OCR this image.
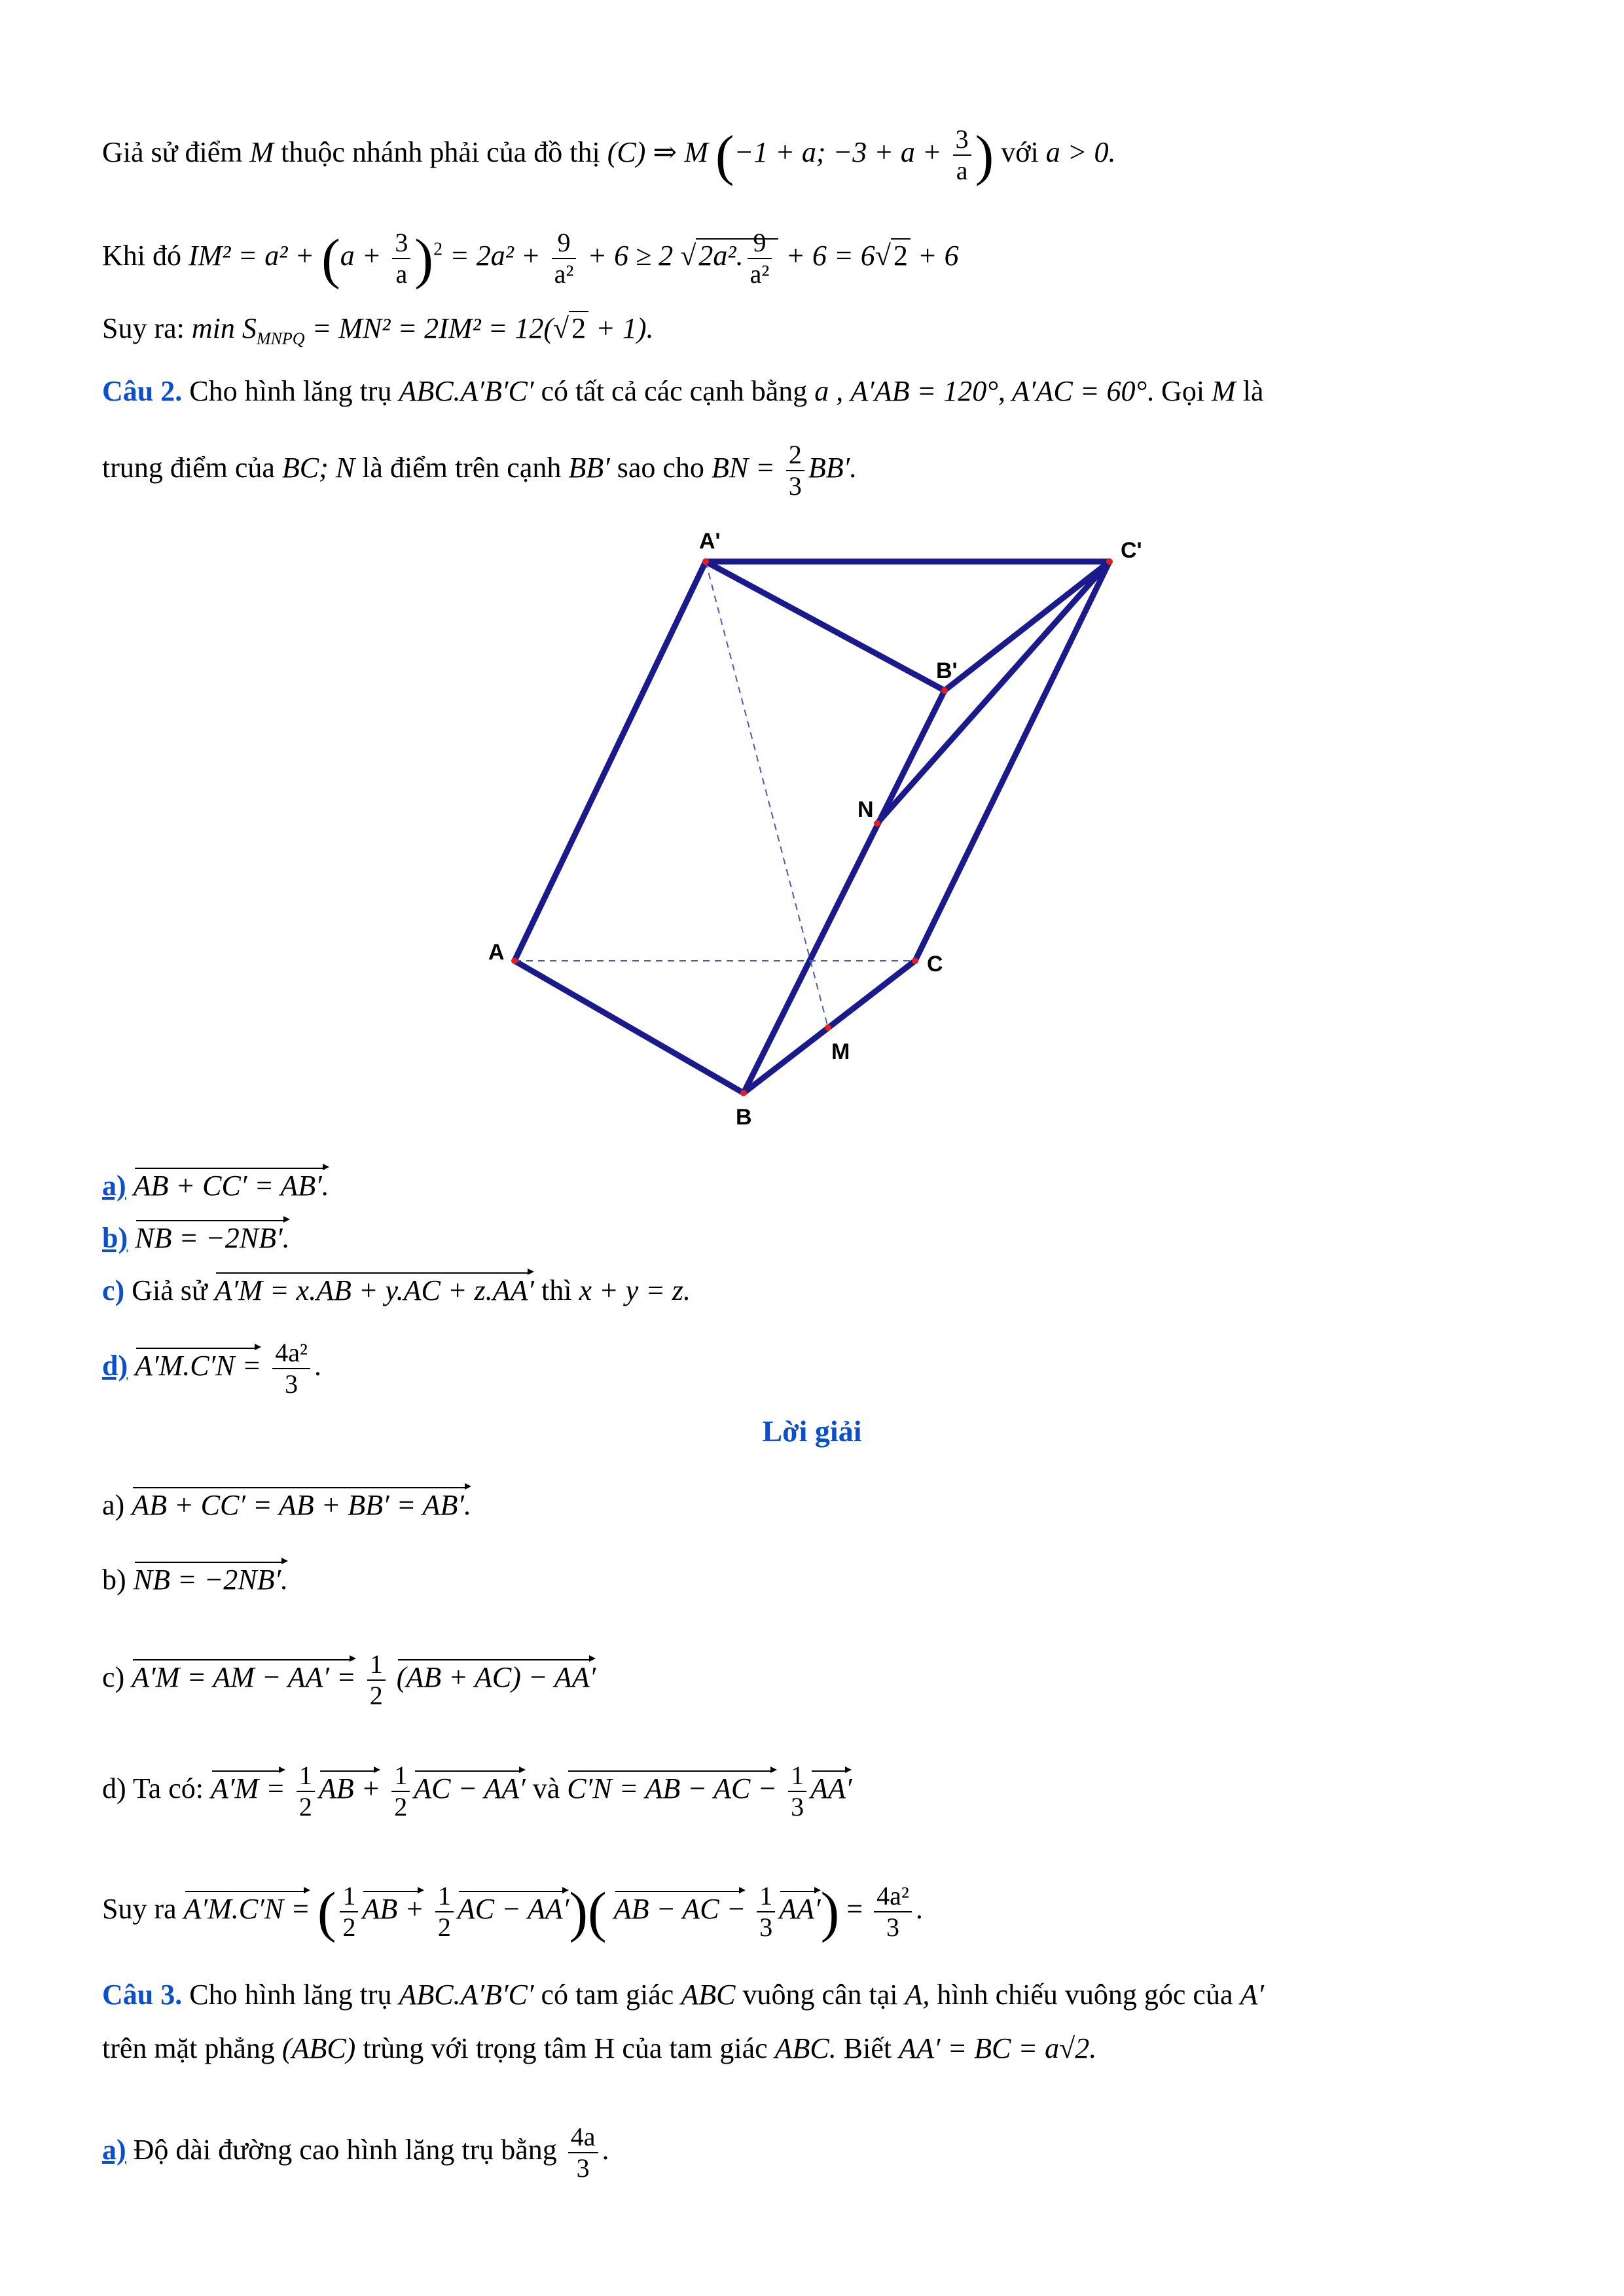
Giả sử điểm M thuộc nhánh phải của đồ thị (C) ⇒ M (−1 + a; $-3 + a + \frac{3}{a}$ ) với a > 0.
Khi đó $IM^2 = a^2 + (a + \frac{3}{a} )^2 = 2a^2 + \frac{9}{\text{a²}} + 6 \ge 2$ √2a². $\frac{9}{\text{a²}} + 6 = 6√2 + 6$
Suy ra: $\min S_{MNPQ} = MN^2 = 2IM^2 = 12(√2 + 1)$.
Câu 2. Cho hình lăng trụ ABC.A′B′C′ có tất cả các cạnh bằng a , A′AB = 120°, A′AC = 60°. Gọi M là
trung điểm của BC; N là điểm trên cạnh BB′ sao cho BN = $\frac{2}{3} BB'$.
A'	C'
B'
N
A	C
M
B
a) AB + CC′ = AB′.
b) NB = −2NB′.
c) Giả sử A′M = x.AB + y.AC + z.AA′ thì x + y = z.
d) $A'M.C'N = \frac{\text{4a²}}{3}$ .
Lời giải
a) AB + CC′ = AB + BB′ = AB′.
b) NB = −2NB′.
c) A′M = AM − $AA' = \frac{1}{2} (AB + AC) - AA'$
d) Ta có: $A'M = \frac{1}{2}$ AB + $\frac{1}{2}$ AC − AA′ và C′N = AB − AC − $\frac{1}{3} AA'$
Suy ra A′M.C′N = ( $\frac{1}{2}$ AB + $\frac{1}{2}$ AC − AA′)( AB − AC − $\frac{1}{3} AA') = \frac{\text{4a²}}{3}$ .
Câu 3. Cho hình lăng trụ ABC.A′B′C′ có tam giác ABC vuông cân tại A, hình chiếu vuông góc của A′
trên mặt phẳng (ABC) trùng với trọng tâm H của tam giác ABC. Biết AA′ = BC = a√2.
a) Độ dài đường cao hình lăng trụ bằng $\frac{4a}{3}$ .
